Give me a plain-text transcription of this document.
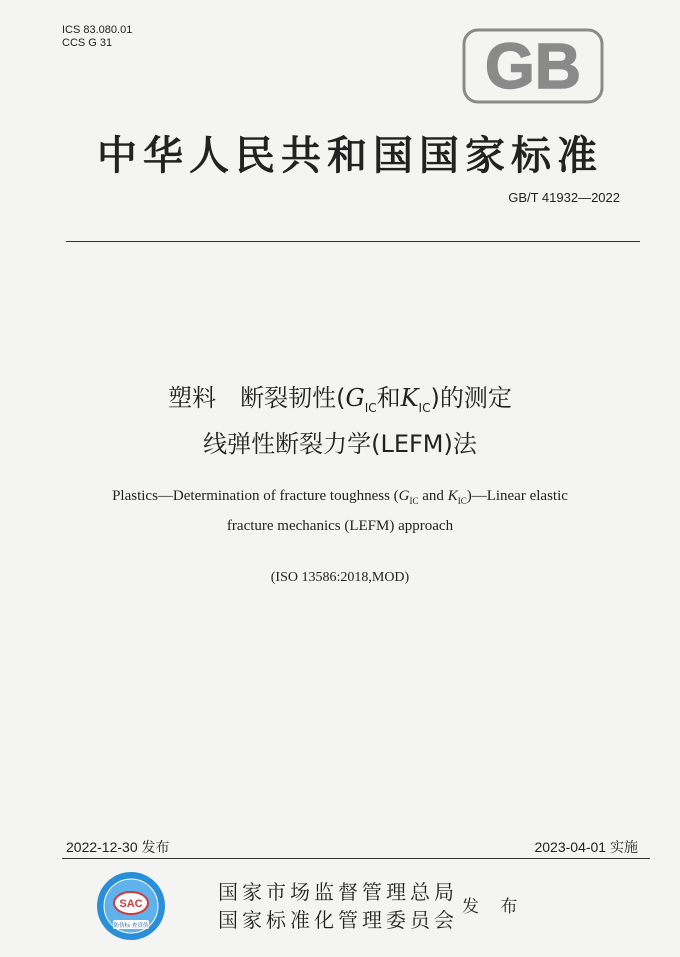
ICS 83.080.01
CCS G 31	GB
中华人民共和国国家标准
GB/T 41932—2022
塑料　断裂韧性($G_{IC}$和$K_{IC}$)的测定
线弹性断裂力学(LEFM)法
Plastics—Determination of fracture toughness ($G_{IC}$ and $K_{IC})—Linear$ elastic
fracture mechanics (LEFM) approach
(ISO 13586:2018,MOD)
2022-12-30 发布	2023-04-01 实施
SAC
防伪标 查真伪
国家市场监督管理总局
国家标准化管理委员会
发 布
